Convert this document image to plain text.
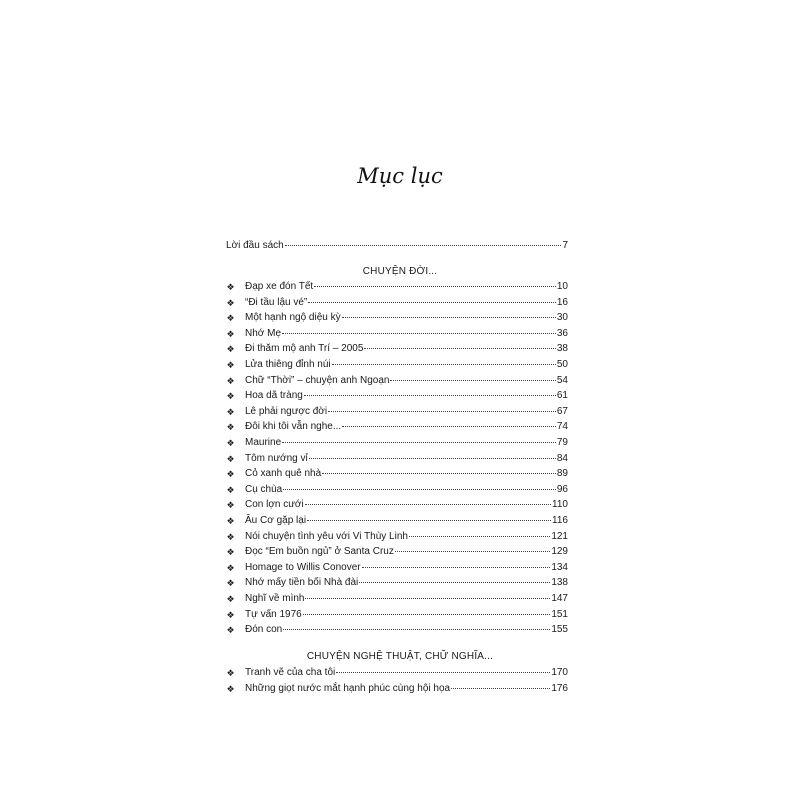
Mục lục
Lời đầu sách	7
CHUYỆN ĐỜI...
❖ Đạp xe đón Tết	10
❖ “Đi tầu lậu vé”	16
❖ Một hạnh ngộ diệu kỳ	30
❖ Nhớ Mẹ	36
❖ Đi thăm mộ anh Trí – 2005	38
❖ Lửa thiêng đỉnh núi	50
❖ Chữ “Thời” – chuyện anh Ngoạn	54
❖ Hoa dã tràng	61
❖ Lê phải ngược đời	67
❖ Đôi khi tôi vẫn nghe...	74
❖ Maurine	79
❖ Tôm nướng vỉ	84
❖ Cỏ xanh quê nhà	89
❖ Cụ chùa	96
❖ Con lợn cưới	110
❖ Âu Cơ gặp lại	116
❖ Nói chuyện tình yêu với Vi Thùy Linh	121
❖ Đọc “Em buồn ngủ” ở Santa Cruz	129
❖ Homage to Willis Conover	134
❖ Nhớ mấy tiền bối Nhà đài	138
❖ Nghĩ về mình	147
❖ Tự vấn 1976	151
❖ Đón con	155
CHUYỆN NGHỆ THUẬT, CHỮ NGHĨA...
❖ Tranh vẽ của cha tôi	170
❖ Những giọt nước mắt hạnh phúc cùng hội họa	176
